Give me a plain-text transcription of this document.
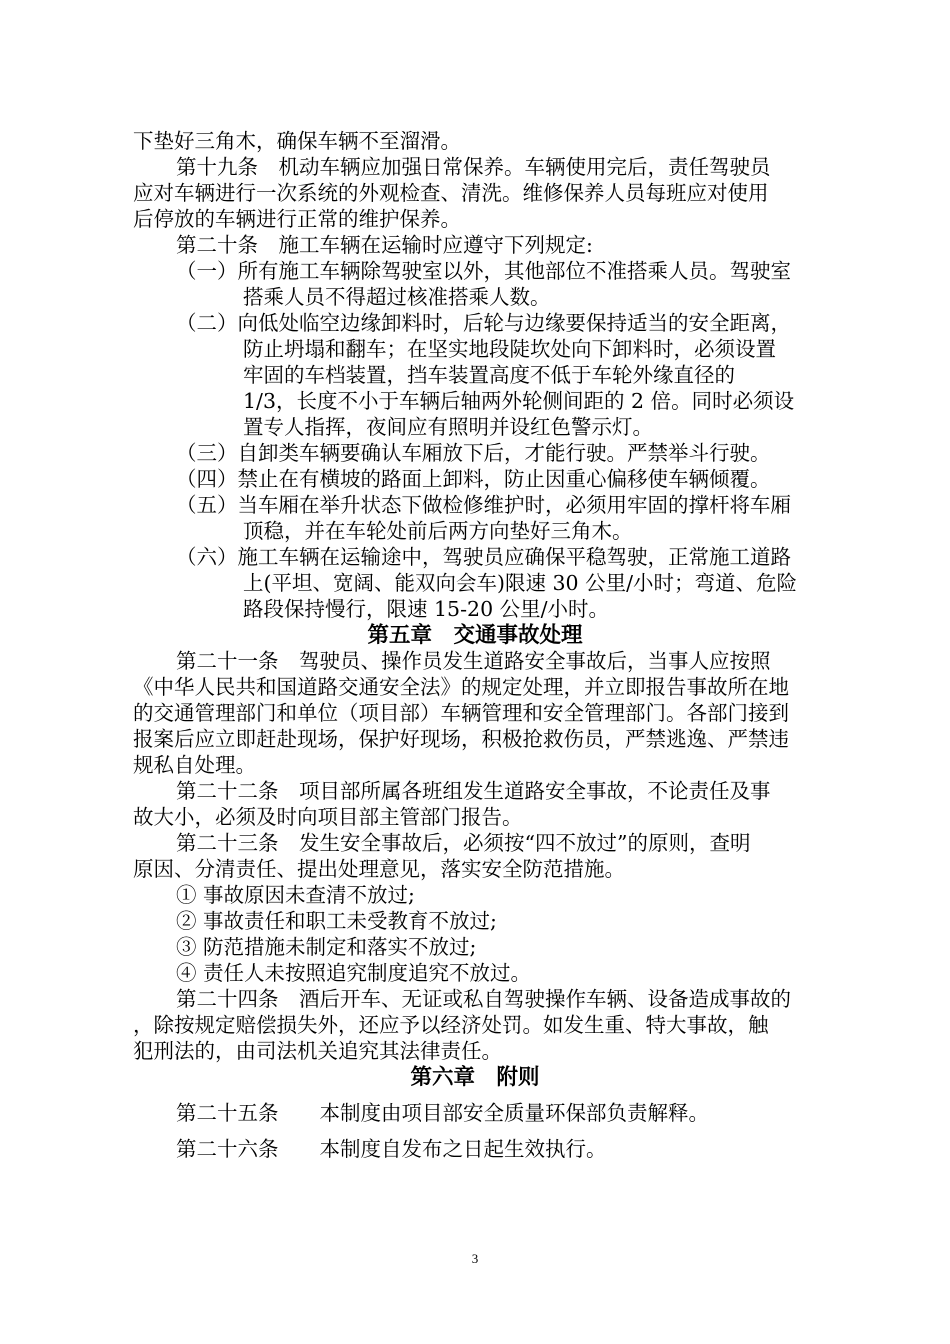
下垫好三角木，确保车辆不至溜滑。
第十九条　机动车辆应加强日常保养。车辆使用完后，责任驾驶员
应对车辆进行一次系统的外观检查、清洗。维修保养人员每班应对使用
后停放的车辆进行正常的维护保养。
第二十条　施工车辆在运输时应遵守下列规定:
（一）所有施工车辆除驾驶室以外，其他部位不准搭乘人员。驾驶室
搭乘人员不得超过核准搭乘人数。
（二）向低处临空边缘卸料时，后轮与边缘要保持适当的安全距离，
防止坍塌和翻车；在坚实地段陡坎处向下卸料时，必须设置
牢固的车档装置，挡车装置高度不低于车轮外缘直径的
1/3，长度不小于车辆后轴两外轮侧间距的 2 倍。同时必须设
置专人指挥，夜间应有照明并设红色警示灯。
（三）自卸类车辆要确认车厢放下后，才能行驶。严禁举斗行驶。
（四）禁止在有横坡的路面上卸料，防止因重心偏移使车辆倾覆。
（五）当车厢在举升状态下做检修维护时，必须用牢固的撑杆将车厢
顶稳，并在车轮处前后两方向垫好三角木。
（六）施工车辆在运输途中，驾驶员应确保平稳驾驶，正常施工道路
上(平坦、宽阔、能双向会车)限速 30 公里/小时；弯道、危险
路段保持慢行，限速 15-20 公里/小时。
第五章　交通事故处理
第二十一条　驾驶员、操作员发生道路安全事故后，当事人应按照
《中华人民共和国道路交通安全法》的规定处理，并立即报告事故所在地
的交通管理部门和单位（项目部）车辆管理和安全管理部门。各部门接到
报案后应立即赶赴现场，保护好现场，积极抢救伤员，严禁逃逸、严禁违
规私自处理。
第二十二条　项目部所属各班组发生道路安全事故，不论责任及事
故大小，必须及时向项目部主管部门报告。
第二十三条　发生安全事故后，必须按“四不放过”的原则，查明
原因、分清责任、提出处理意见，落实安全防范措施。
① 事故原因未查清不放过;
② 事故责任和职工未受教育不放过;
③ 防范措施未制定和落实不放过;
④ 责任人未按照追究制度追究不放过。
第二十四条　酒后开车、无证或私自驾驶操作车辆、设备造成事故的
，除按规定赔偿损失外，还应予以经济处罚。如发生重、特大事故，触
犯刑法的，由司法机关追究其法律责任。
第六章　附则
第二十五条　　本制度由项目部安全质量环保部负责解释。
第二十六条　　本制度自发布之日起生效执行。
3
